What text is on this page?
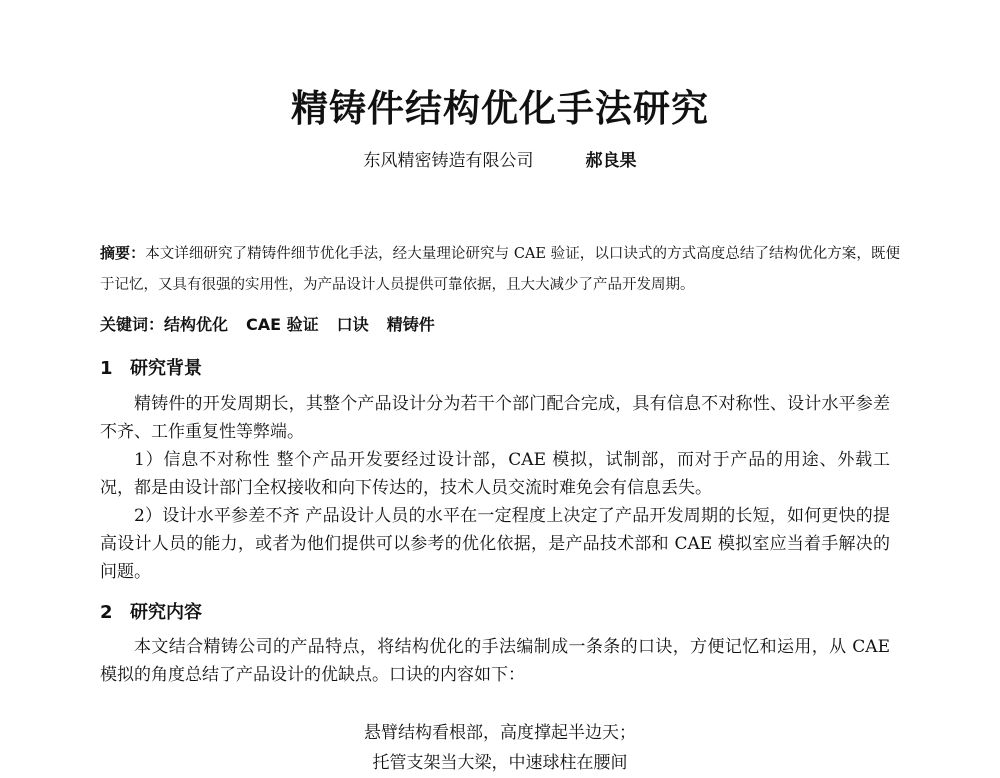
精铸件结构优化手法研究
东风精密铸造有限公司	郝良果
摘要：本文详细研究了精铸件细节优化手法，经大量理论研究与 CAE 验证，以口诀式的方式高度总结了结构优化方案，既便于记忆，又具有很强的实用性，为产品设计人员提供可靠依据，且大大减少了产品开发周期。
关键词：结构优化 CAE 验证 口诀 精铸件
1 研究背景

精铸件的开发周期长，其整个产品设计分为若干个部门配合完成，具有信息不对称性、设计水平参差不齐、工作重复性等弊端。

1）信息不对称性 整个产品开发要经过设计部，CAE 模拟，试制部，而对于产品的用途、外载工况，都是由设计部门全权接收和向下传达的，技术人员交流时难免会有信息丢失。

2）设计水平参差不齐 产品设计人员的水平在一定程度上决定了产品开发周期的长短，如何更快的提高设计人员的能力，或者为他们提供可以参考的优化依据，是产品技术部和 CAE 模拟室应当着手解决的问题。

2 研究内容

本文结合精铸公司的产品特点，将结构优化的手法编制成一条条的口诀，方便记忆和运用，从 CAE 模拟的角度总结了产品设计的优缺点。口诀的内容如下：

悬臂结构看根部，高度撑起半边天；
托管支架当大梁，中速球柱在腰间
